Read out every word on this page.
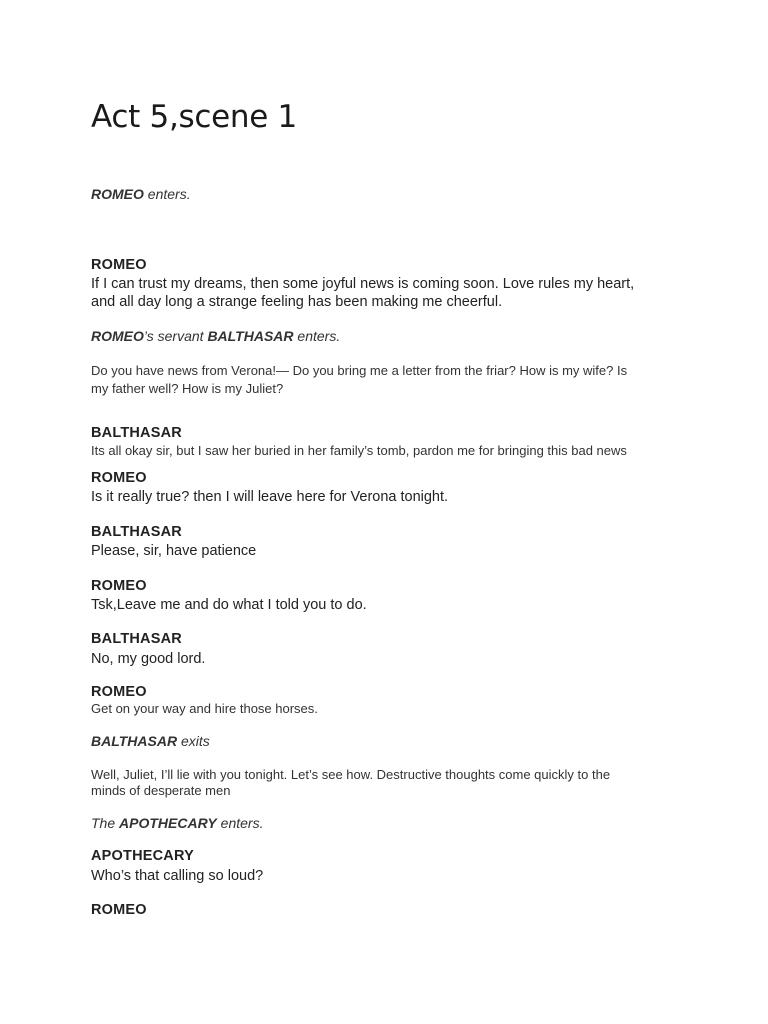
Act 5,scene 1
ROMEO enters.
ROMEO
If I can trust my dreams, then some joyful news is coming soon. Love rules my heart,
and all day long a strange feeling has been making me cheerful.
ROMEO’s servant BALTHASAR enters.
Do you have news from Verona!— Do you bring me a letter from the friar? How is my wife? Is
my father well? How is my Juliet?
BALTHASAR
Its all okay sir, but I saw her buried in her family’s tomb, pardon me for bringing this bad news
ROMEO
Is it really true? then I will leave here for Verona tonight.
BALTHASAR
Please, sir, have patience
ROMEO
Tsk,Leave me and do what I told you to do.
BALTHASAR
No, my good lord.
ROMEO
Get on your way and hire those horses.
BALTHASAR exits
Well, Juliet, I’ll lie with you tonight. Let’s see how. Destructive thoughts come quickly to the
minds of desperate men
The APOTHECARY enters.
APOTHECARY
Who’s that calling so loud?
ROMEO
